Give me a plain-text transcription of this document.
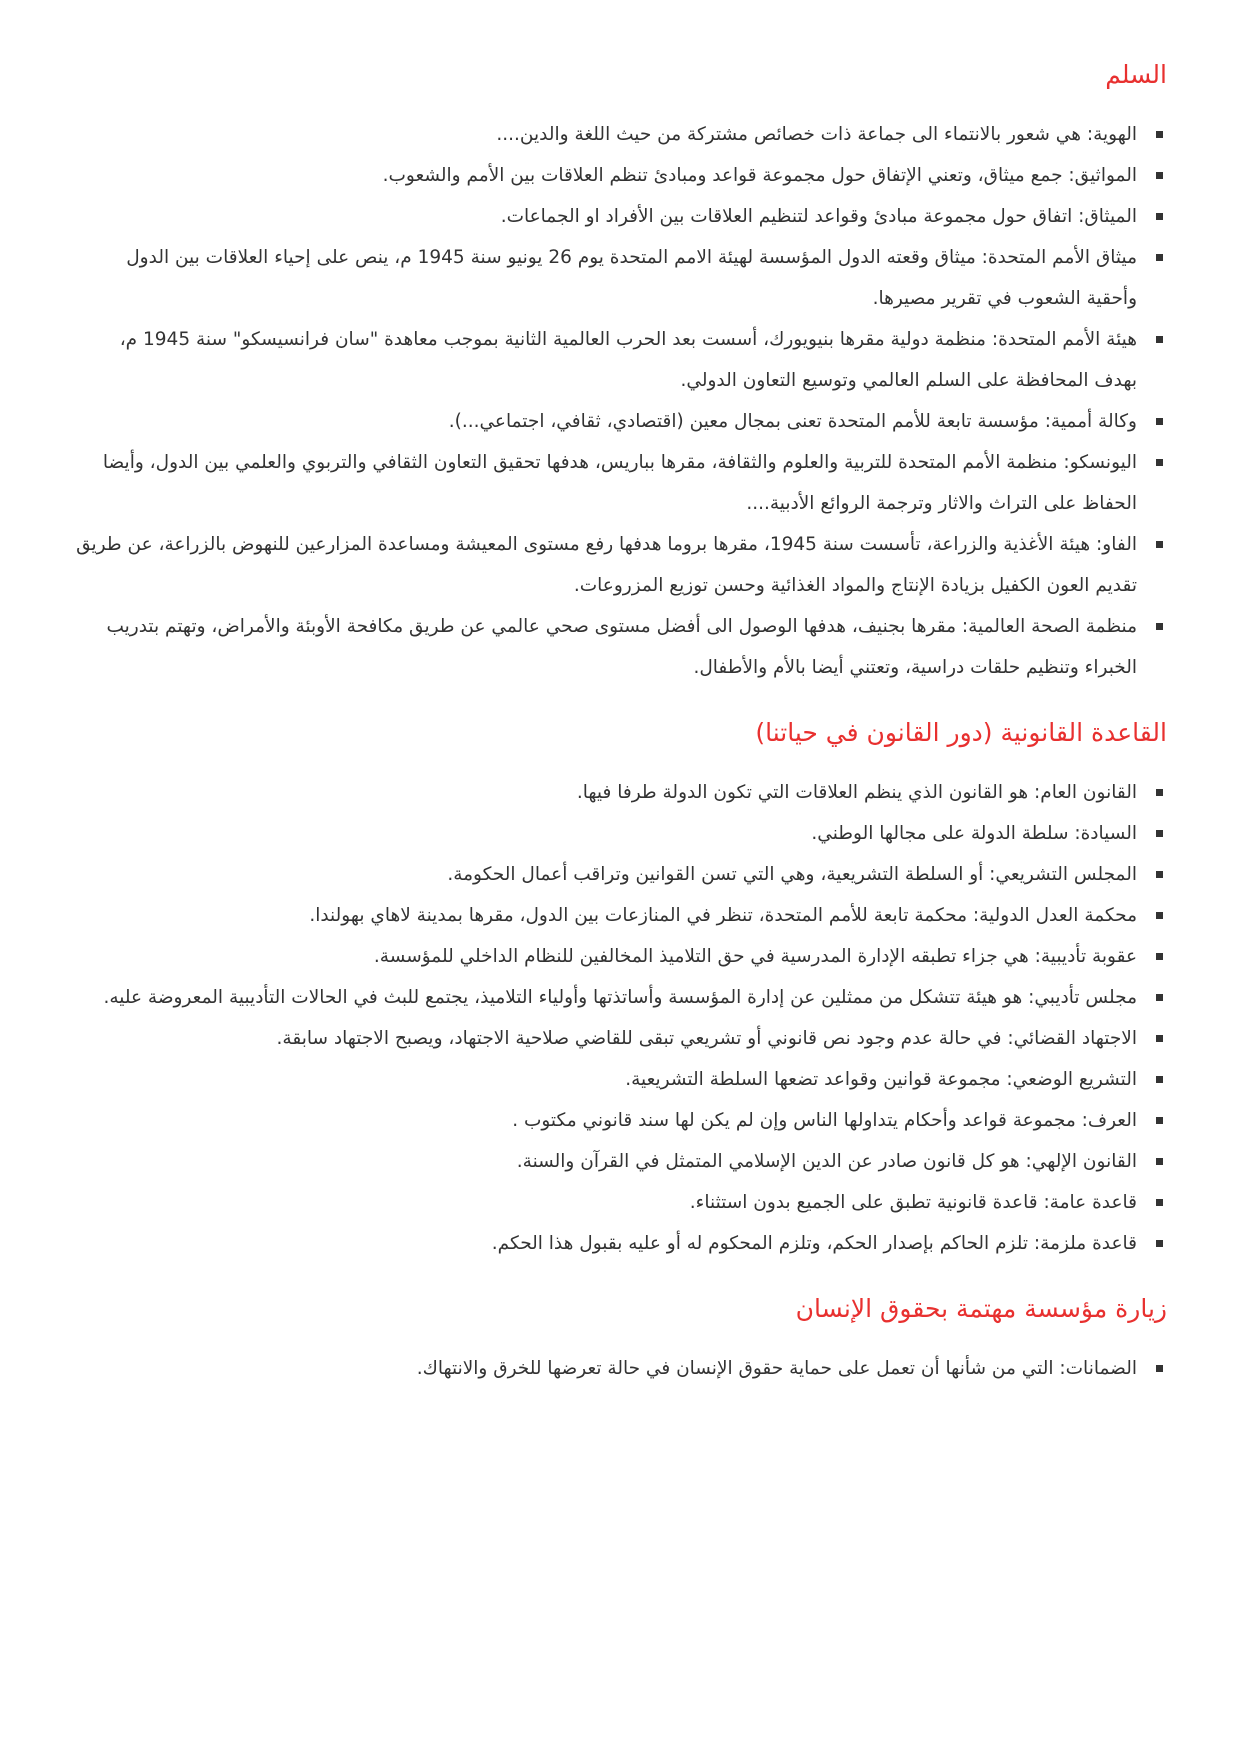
السلم
الهوية: هي شعور بالانتماء الى جماعة ذات خصائص مشتركة من حيث اللغة والدين....
المواثيق: جمع ميثاق، وتعني الإتفاق حول مجموعة قواعد ومبادئ تنظم العلاقات بين الأمم والشعوب.
الميثاق: اتفاق حول مجموعة مبادئ وقواعد لتنظيم العلاقات بين الأفراد او الجماعات.
ميثاق الأمم المتحدة: ميثاق وقعته الدول المؤسسة لهيئة الامم المتحدة يوم 26 يونيو سنة 1945 م، ينص على إحياء العلاقات بين الدول وأحقية الشعوب في تقرير مصيرها.
هيئة الأمم المتحدة: منظمة دولية مقرها بنيويورك، أسست بعد الحرب العالمية الثانية بموجب معاهدة "سان فرانسيسكو" سنة 1945 م، بهدف المحافظة على السلم العالمي وتوسيع التعاون الدولي.
وكالة أممية: مؤسسة تابعة للأمم المتحدة تعنى بمجال معين (اقتصادي، ثقافي، اجتماعي...).
اليونسكو: منظمة الأمم المتحدة للتربية والعلوم والثقافة، مقرها بباريس، هدفها تحقيق التعاون الثقافي والتربوي والعلمي بين الدول، وأيضا الحفاظ على التراث والاثار وترجمة الروائع الأدبية....
الفاو: هيئة الأغذية والزراعة، تأسست سنة 1945، مقرها بروما هدفها رفع مستوى المعيشة ومساعدة المزارعين للنهوض بالزراعة، عن طريق تقديم العون الكفيل بزيادة الإنتاج والمواد الغذائية وحسن توزيع المزروعات.
منظمة الصحة العالمية: مقرها بجنيف، هدفها الوصول الى أفضل مستوى صحي عالمي عن طريق مكافحة الأوبئة والأمراض، وتهتم بتدريب الخبراء وتنظيم حلقات دراسية، وتعتني أيضا بالأم والأطفال.
القاعدة القانونية (دور القانون في حياتنا)
القانون العام: هو القانون الذي ينظم العلاقات التي تكون الدولة طرفا فيها.
السيادة: سلطة الدولة على مجالها الوطني.
المجلس التشريعي: أو السلطة التشريعية، وهي التي تسن القوانين وتراقب أعمال الحكومة.
محكمة العدل الدولية: محكمة تابعة للأمم المتحدة، تنظر في المنازعات بين الدول، مقرها بمدينة لاهاي بهولندا.
عقوبة تأديبية: هي جزاء تطبقه الإدارة المدرسية في حق التلاميذ المخالفين للنظام الداخلي للمؤسسة.
مجلس تأديبي: هو هيئة تتشكل من ممثلين عن إدارة المؤسسة وأساتذتها وأولياء التلاميذ، يجتمع للبث في الحالات التأديبية المعروضة عليه.
الاجتهاد القضائي: في حالة عدم وجود نص قانوني أو تشريعي تبقى للقاضي صلاحية الاجتهاد، ويصبح الاجتهاد سابقة.
التشريع الوضعي: مجموعة قوانين وقواعد تضعها السلطة التشريعية.
العرف: مجموعة قواعد وأحكام يتداولها الناس وإن لم يكن لها سند قانوني مكتوب .
القانون الإلهي: هو كل قانون صادر عن الدين الإسلامي المتمثل في القرآن والسنة.
قاعدة عامة: قاعدة قانونية تطبق على الجميع بدون استثناء.
قاعدة ملزمة: تلزم الحاكم بإصدار الحكم، وتلزم المحكوم له أو عليه بقبول هذا الحكم.
زيارة مؤسسة مهتمة بحقوق الإنسان
الضمانات: التي من شأنها أن تعمل على حماية حقوق الإنسان في حالة تعرضها للخرق والانتهاك.
